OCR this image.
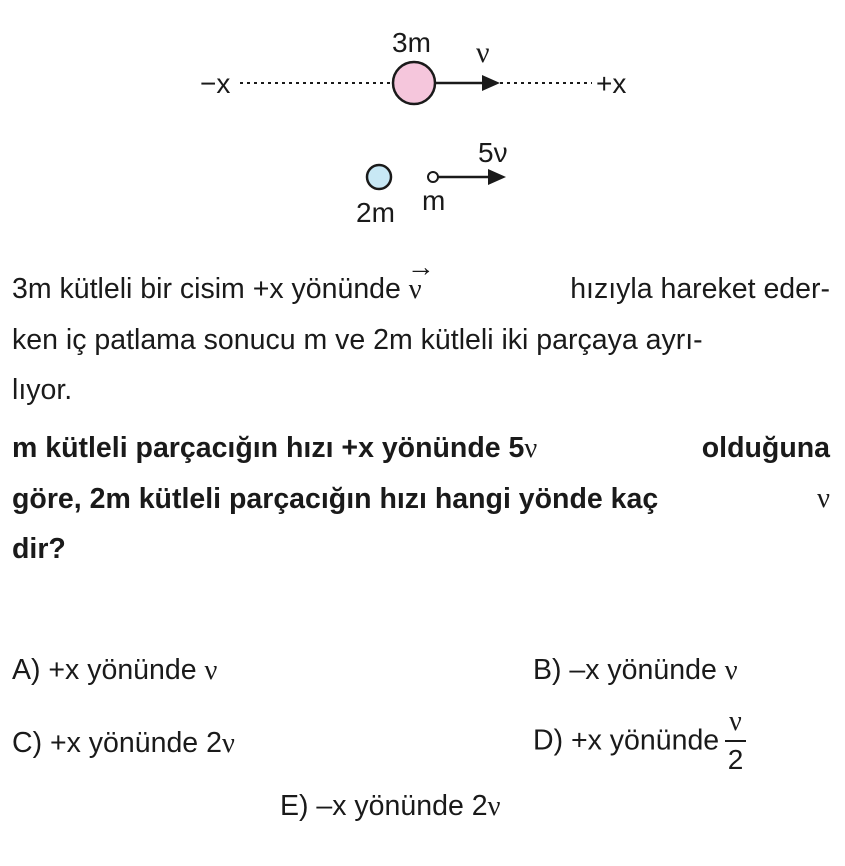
−x	+x
3m ν
2m
5ν
m
3m kütleli bir cisim +x yönünde → ν	hızıyla hareket eder-
ken iç patlama sonucu m ve 2m kütleli iki parçaya ayrı-
lıyor.
m kütleli parçacığın hızı +x yönünde 5ν	olduğuna
göre, 2m kütleli parçacığın hızı hangi yönde kaç	ν
dir?
A) +x yönünde ν	B) –x yönünde ν
C) +x yönünde 2ν	D) +x yönünde $\frac{\nu}{2}$
E) –x yönünde 2ν
